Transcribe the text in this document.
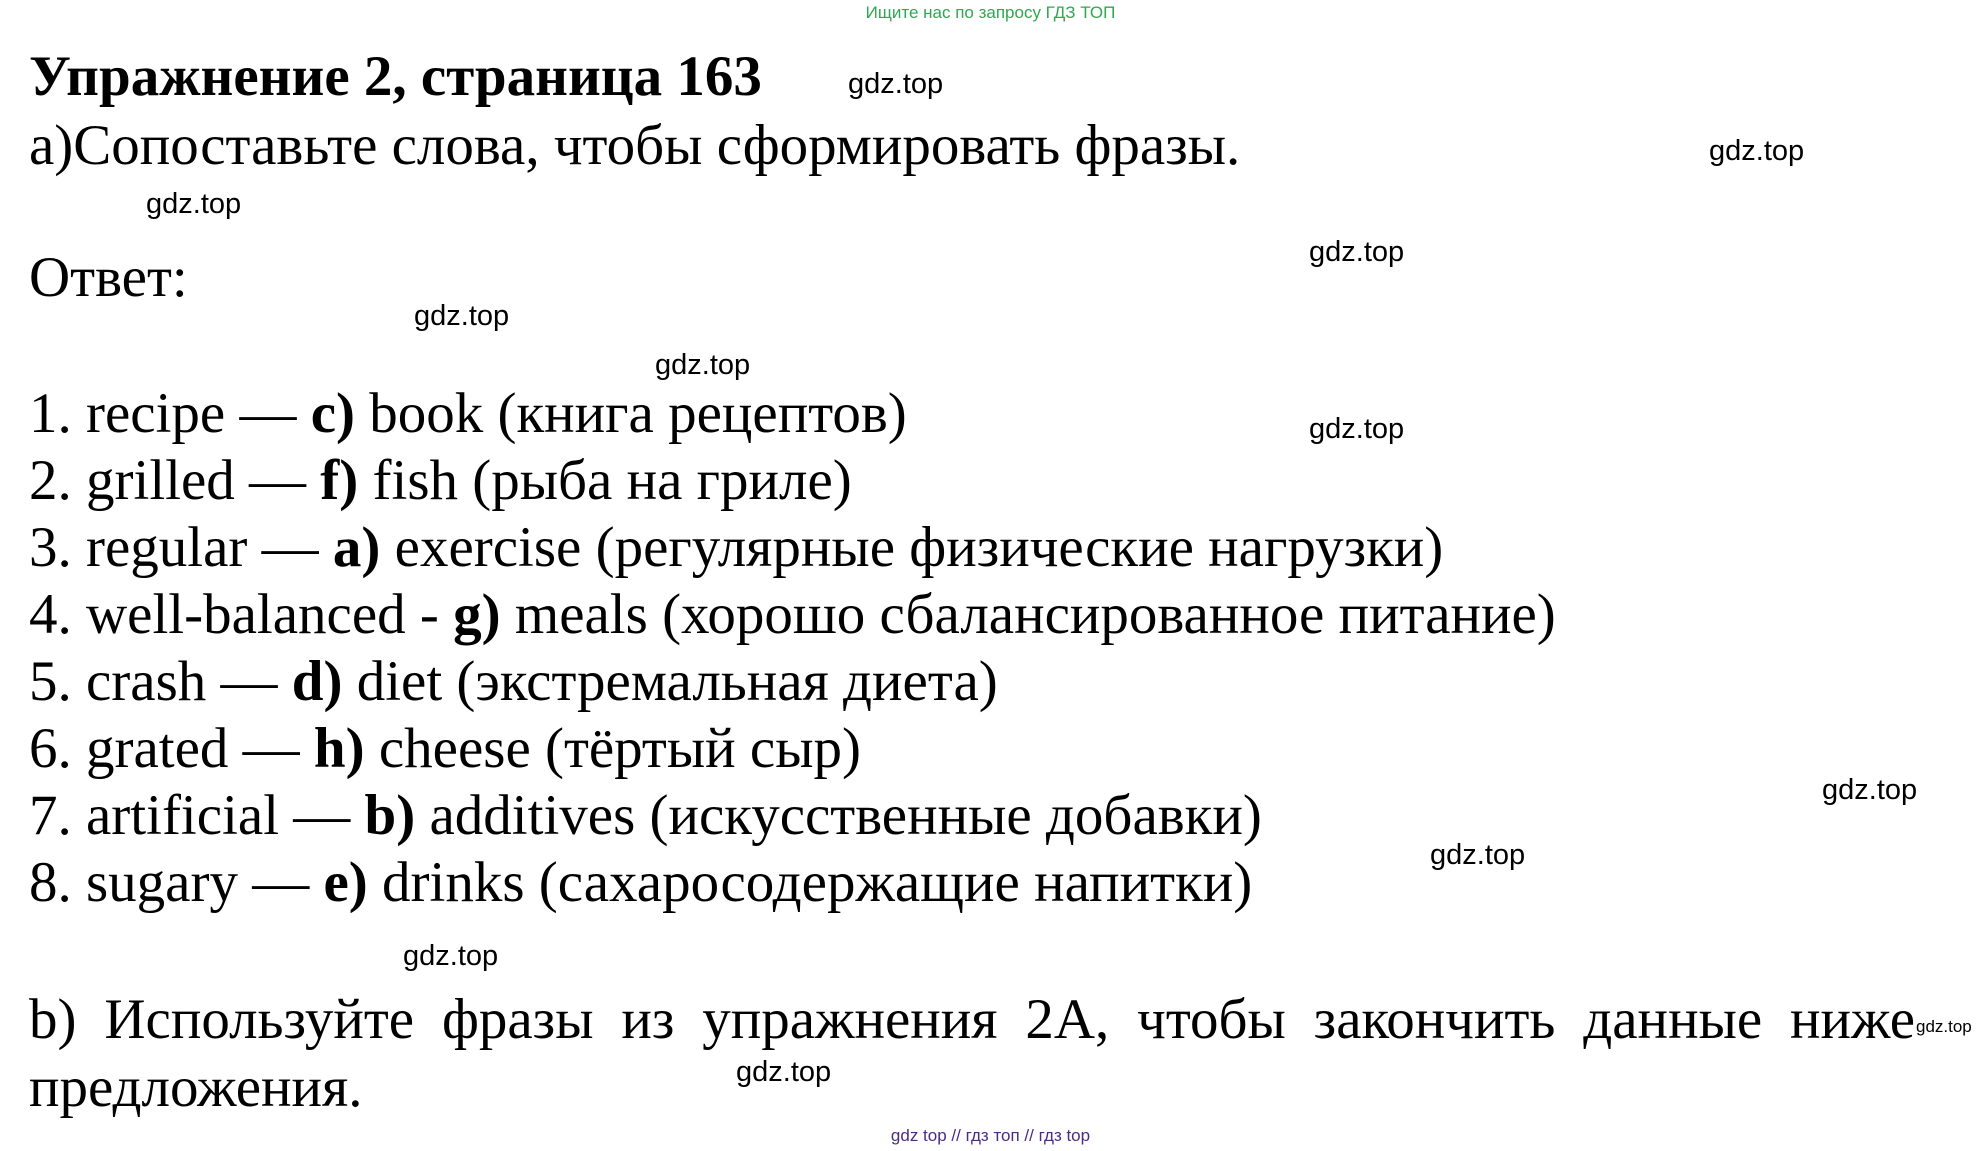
Ищите нас по запросу ГДЗ ТОП
Упражнение 2, страница 163
a)Сопоставьте слова, чтобы сформировать фразы.
Ответ:
1. recipe — c) book (книга рецептов)
2. grilled — f) fish (рыба на гриле)
3. regular — a) exercise (регулярные физические нагрузки)
4. well-balanced - g) meals (хорошо сбалансированное питание)
5. crash — d) diet (экстремальная диета)
6. grated — h) cheese (тёртый сыр)
7. artificial — b) additives (искусственные добавки)
8. sugary — e) drinks (сахаросодержащие напитки)
b) Используйте фразы из упражнения 2A, чтобы закончить данные ниже
предложения.
gdz.top
gdz.top
gdz.top
gdz.top
gdz.top
gdz.top
gdz.top
gdz.top
gdz.top
gdz.top
gdz.top
gdz.top
gdz top // гдз топ // гдз top
